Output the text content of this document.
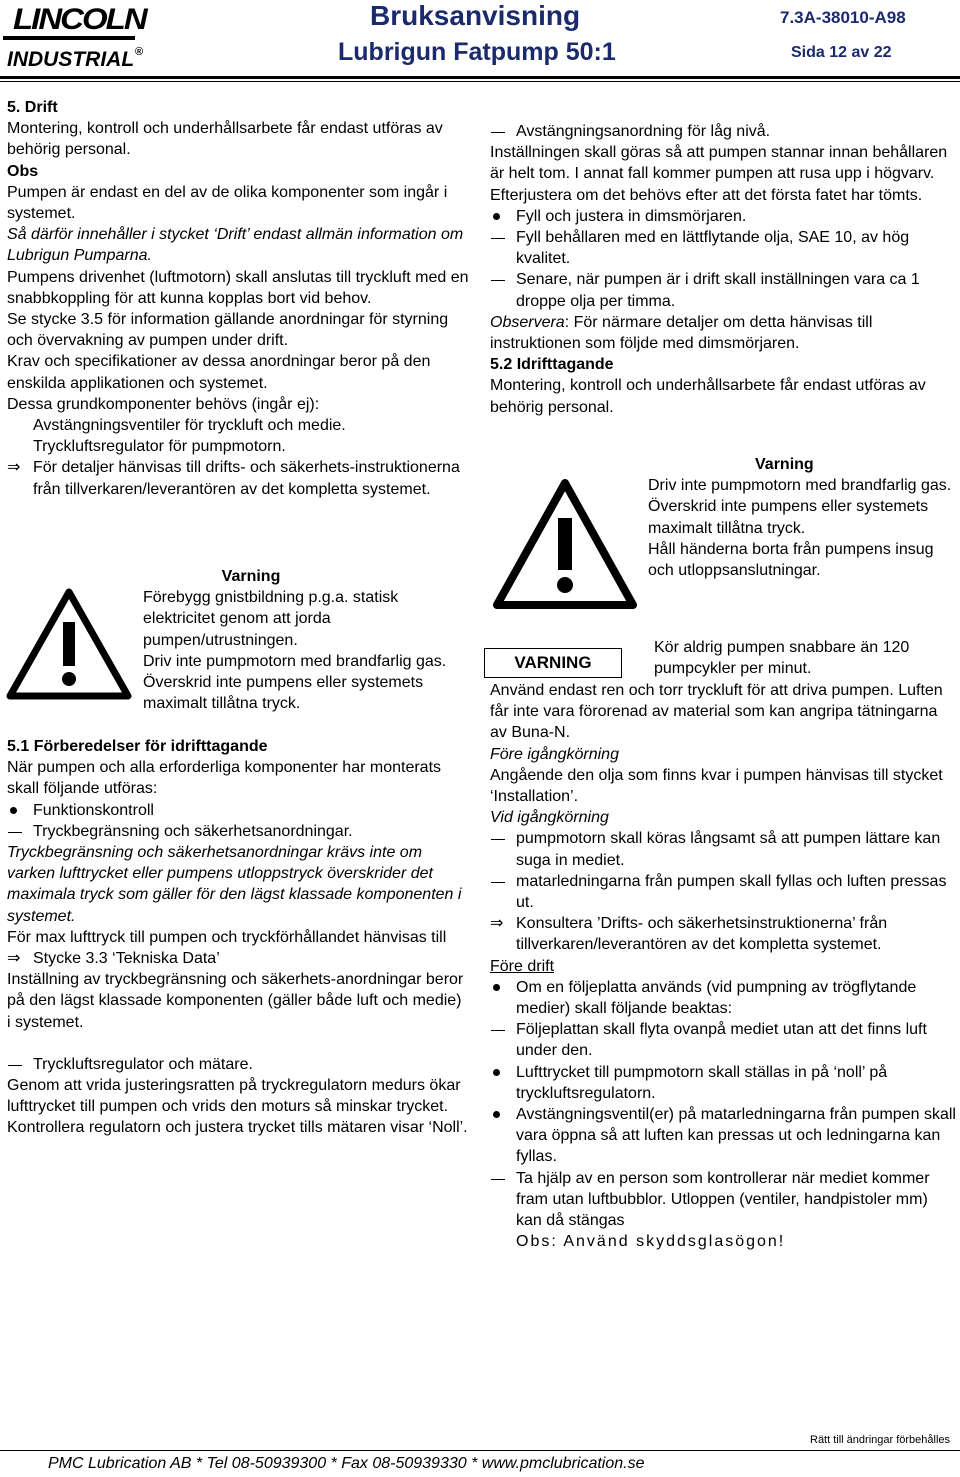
LINCOLN
INDUSTRIAL ®
Bruksanvisning
Lubrigun Fatpump 50:1
7.3A-38010-A98
Sida 12 av 22

5. Drift

Montering, kontroll och underhållsarbete får endast utföras av behörig personal.

Obs

Pumpen är endast en del av de olika komponenter som ingår i systemet.

Så därför innehåller i stycket ‘Drift’ endast allmän information om Lubrigun Pumparna.

Pumpens drivenhet (luftmotorn) skall anslutas till tryckluft med en snabbkoppling för att kunna kopplas bort vid behov.

Se stycke 3.5 för information gällande anordningar för styrning och övervakning av pumpen under drift.

Krav och specifikationer av dessa anordningar beror på den enskilda applikationen och systemet.

Dessa grundkomponenter behövs (ingår ej):

Avstängningsventiler för tryckluft och medie.

Tryckluftsregulator för pumpmotorn.

⇒ För detaljer hänvisas till drifts- och säkerhets-instruktionerna från tillverkaren/leverantören av det kompletta systemet.

Varning

Förebygg gnistbildning p.g.a. statisk elektricitet genom att jorda pumpen/utrustningen.

Driv inte pumpmotorn med brandfarlig gas.

Överskrid inte pumpens eller systemets maximalt tillåtna tryck.

5.1 Förberedelser för idrifttagande

När pumpen och alla erforderliga komponenter har monterats skall följande utföras:

Funktionskontroll
Tryckbegränsning och säkerhetsanordningar.

Tryckbegränsning och säkerhetsanordningar krävs inte om varken lufttrycket eller pumpens utloppstryck överskrider det maximala tryck som gäller för den lägst klassade komponenten i systemet.

För max lufttryck till pumpen och tryckförhållandet hänvisas till

⇒ Stycke 3.3 ‘Tekniska Data’

Inställning av tryckbegränsning och säkerhets-anordningar beror på den lägst klassade komponenten (gäller både luft och medie) i systemet.

Tryckluftsregulator och mätare.

Genom att vrida justeringsratten på tryckregulatorn medurs ökar lufttrycket till pumpen och vrids den moturs så minskar trycket.

Kontrollera regulatorn och justera trycket tills mätaren visar ‘Noll’.

Avstängningsanordning för låg nivå.

Inställningen skall göras så att pumpen stannar innan behållaren är helt tom. I annat fall kommer pumpen att rusa upp i högvarv. Efterjustera om det behövs efter att det första fatet har tömts.

Fyll och justera in dimsmörjaren.
Fyll behållaren med en lättflytande olja, SAE 10, av hög kvalitet.
Senare, när pumpen är i drift skall inställningen vara ca 1 droppe olja per timma.

Observera: För närmare detaljer om detta hänvisas till instruktionen som följde med dimsmörjaren.

5.2 Idrifttagande

Montering, kontroll och underhållsarbete får endast utföras av behörig personal.

Varning

Driv inte pumpmotorn med brandfarlig gas.

Överskrid inte pumpens eller systemets maximalt tillåtna tryck.

Håll händerna borta från pumpens insug och utloppsanslutningar.

VARNING
Kör aldrig pumpen snabbare än 120 pumpcykler per minut.

Använd endast ren och torr tryckluft för att driva pumpen. Luften får inte vara förorenad av material som kan angripa tätningarna av Buna-N.

Före igångkörning

Angående den olja som finns kvar i pumpen hänvisas till stycket ‘Installation’.

Vid igångkörning

pumpmotorn skall köras långsamt så att pumpen lättare kan suga in mediet.
matarledningarna från pumpen skall fyllas och luften pressas ut.
⇒ Konsultera ’Drifts- och säkerhetsinstruktionerna’ från tillverkaren/leverantören av det kompletta systemet.

Före drift

Om en följeplatta används (vid pumpning av trögflytande medier) skall följande beaktas:
Följeplattan skall flyta ovanpå mediet utan att det finns luft under den.
Lufttrycket till pumpmotorn skall ställas in på ‘noll’ på tryckluftsregulatorn.
Avstängningsventil(er) på matarledningarna från pumpen skall vara öppna så att luften kan pressas ut och ledningarna kan fyllas.
Ta hjälp av en person som kontrollerar när mediet kommer fram utan luftbubblor. Utloppen (ventiler, handpistoler mm) kan då stängas

Obs: Använd skyddsglasögon!

Rätt till ändringar förbehålles
PMC Lubrication AB * Tel 08-50939300 * Fax 08-50939330 * www.pmclubrication.se
